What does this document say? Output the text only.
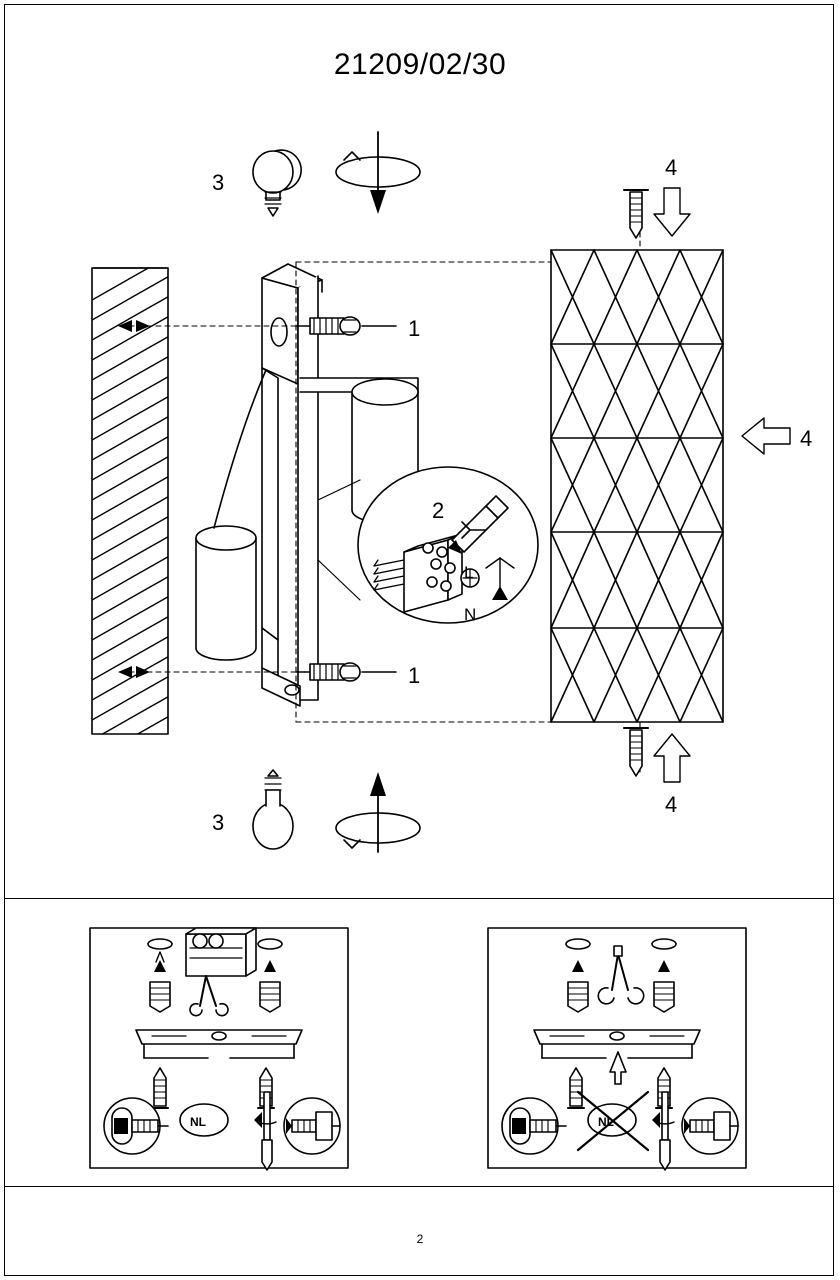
21209/02/30
3
3
1
1
2
4
4
4
L
N
NL	NL
2
